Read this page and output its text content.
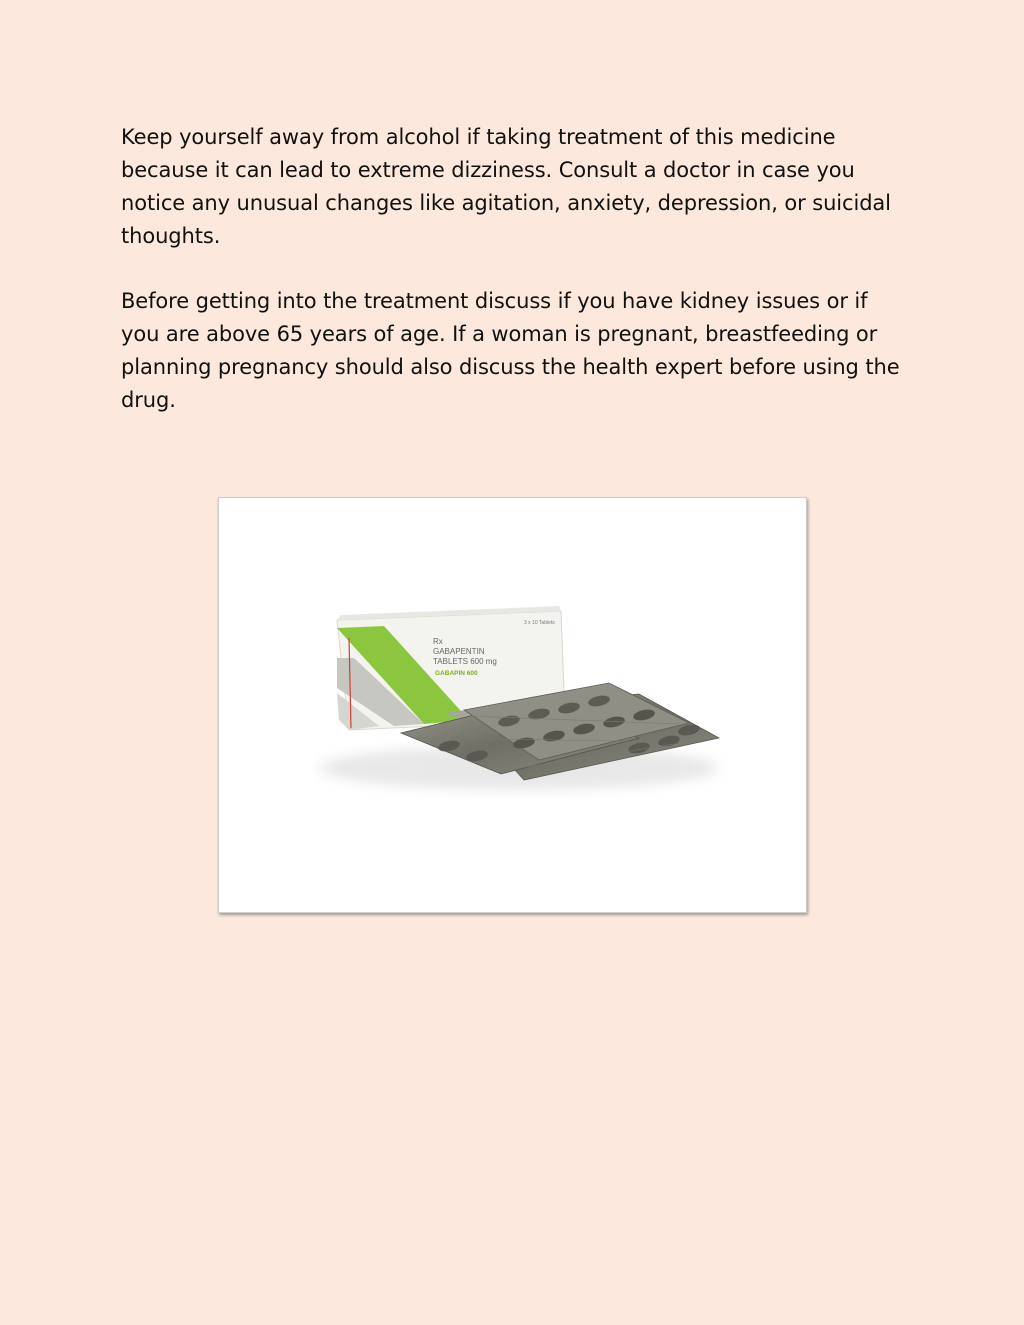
Keep yourself away from alcohol if taking treatment of this medicine because it can lead to extreme dizziness. Consult a doctor in case you notice any unusual changes like agitation, anxiety, depression, or suicidal thoughts.

Before getting into the treatment discuss if you have kidney issues or if you are above 65 years of age. If a woman is pregnant, breastfeeding or planning pregnancy should also discuss the health expert before using the drug.

3 x 10 Tablets
Rx
GABAPENTIN
TABLETS 600 mg
GABAPIN 600
